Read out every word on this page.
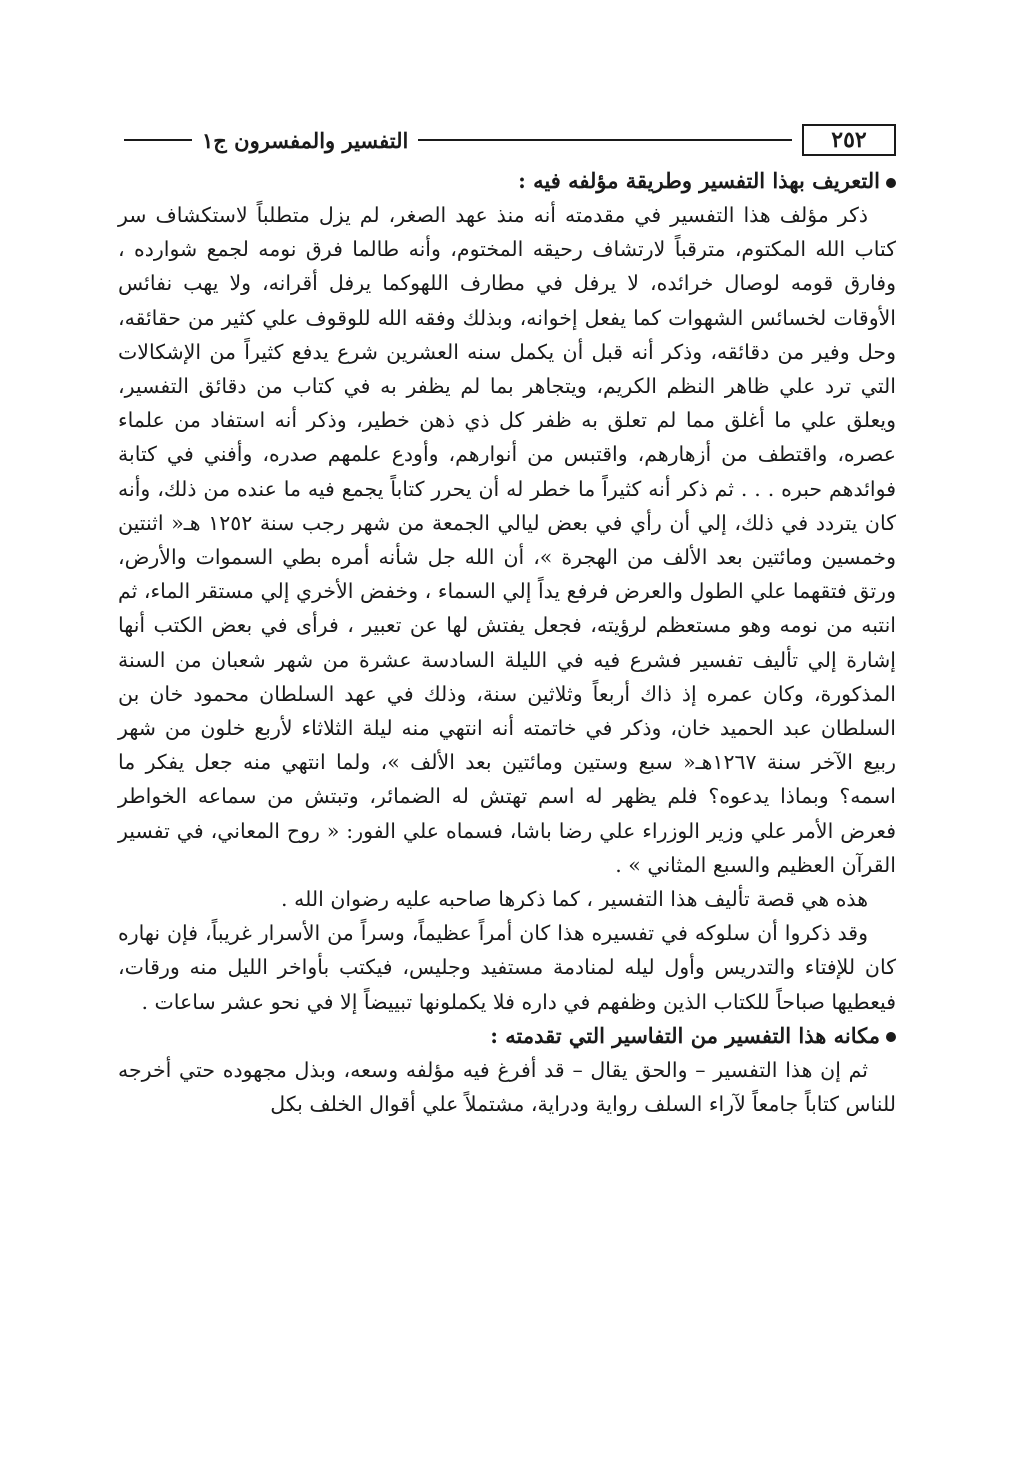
٢٥٢
التفسير والمفسرون ج١

التعريف بهذا التفسير وطريقة مؤلفه فيه :

ذكر مؤلف هذا التفسير في مقدمته أنه منذ عهد الصغر، لم يزل متطلباً لاستكشاف سر كتاب الله المكتوم، مترقباً لارتشاف رحيقه المختوم، وأنه طالما فرق نومه لجمع شوارده ، وفارق قومه لوصال خرائده، لا يرفل في مطارف اللهوكما يرفل أقرانه، ولا يهب نفائس الأوقات لخسائس الشهوات كما يفعل إخوانه، وبذلك وفقه الله للوقوف علي كثير من حقائقه، وحل وفير من دقائقه، وذكر أنه قبل أن يكمل سنه العشرين شرع يدفع كثيراً من الإشكالات التي ترد علي ظاهر النظم الكريم، ويتجاهر بما لم يظفر به في كتاب من دقائق التفسير، ويعلق علي ما أغلق مما لم تعلق به ظفر كل ذي ذهن خطير، وذكر أنه استفاد من علماء عصره، واقتطف من أزهارهم، واقتبس من أنوارهم، وأودع علمهم صدره، وأفني في كتابة فوائدهم حبره . . . ثم ذكر أنه كثيراً ما خطر له أن يحرر كتاباً يجمع فيه ما عنده من ذلك، وأنه كان يتردد في ذلك، إلي أن رأي في بعض ليالي الجمعة من شهر رجب سنة ١٢٥٢ هـ« اثنتين وخمسين ومائتين بعد الألف من الهجرة »، أن الله جل شأنه أمره بطي السموات والأرض، ورتق فتقهما علي الطول والعرض فرفع يداً إلي السماء ، وخفض الأخري إلي مستقر الماء، ثم انتبه من نومه وهو مستعظم لرؤيته، فجعل يفتش لها عن تعبير ، فرأى في بعض الكتب أنها إشارة إلي تأليف تفسير فشرع فيه في الليلة السادسة عشرة من شهر شعبان من السنة المذكورة، وكان عمره إذ ذاك أربعاً وثلاثين سنة، وذلك في عهد السلطان محمود خان بن السلطان عبد الحميد خان، وذكر في خاتمته أنه انتهي منه ليلة الثلاثاء لأربع خلون من شهر ربيع الآخر سنة ١٢٦٧هـ« سبع وستين ومائتين بعد الألف »، ولما انتهي منه جعل يفكر ما اسمه؟ وبماذا يدعوه؟ فلم يظهر له اسم تهتش له الضمائر، وتبتش من سماعه الخواطر فعرض الأمر علي وزير الوزراء علي رضا باشا، فسماه علي الفور: « روح المعاني، في تفسير القرآن العظيم والسبع المثاني » .

هذه هي قصة تأليف هذا التفسير ، كما ذكرها صاحبه عليه رضوان الله .

وقد ذكروا أن سلوكه في تفسيره هذا كان أمراً عظيماً، وسراً من الأسرار غريباً، فإن نهاره كان للإفتاء والتدريس وأول ليله لمنادمة مستفيد وجليس، فيكتب بأواخر الليل منه ورقات، فيعطيها صباحاً للكتاب الذين وظفهم في داره فلا يكملونها تبييضاً إلا في نحو عشر ساعات .

مكانه هذا التفسير من التفاسير التي تقدمته :

ثم إن هذا التفسير – والحق يقال – قد أفرغ فيه مؤلفه وسعه، وبذل مجهوده حتي أخرجه للناس كتاباً جامعاً لآراء السلف رواية ودراية، مشتملاً علي أقوال الخلف بكل
